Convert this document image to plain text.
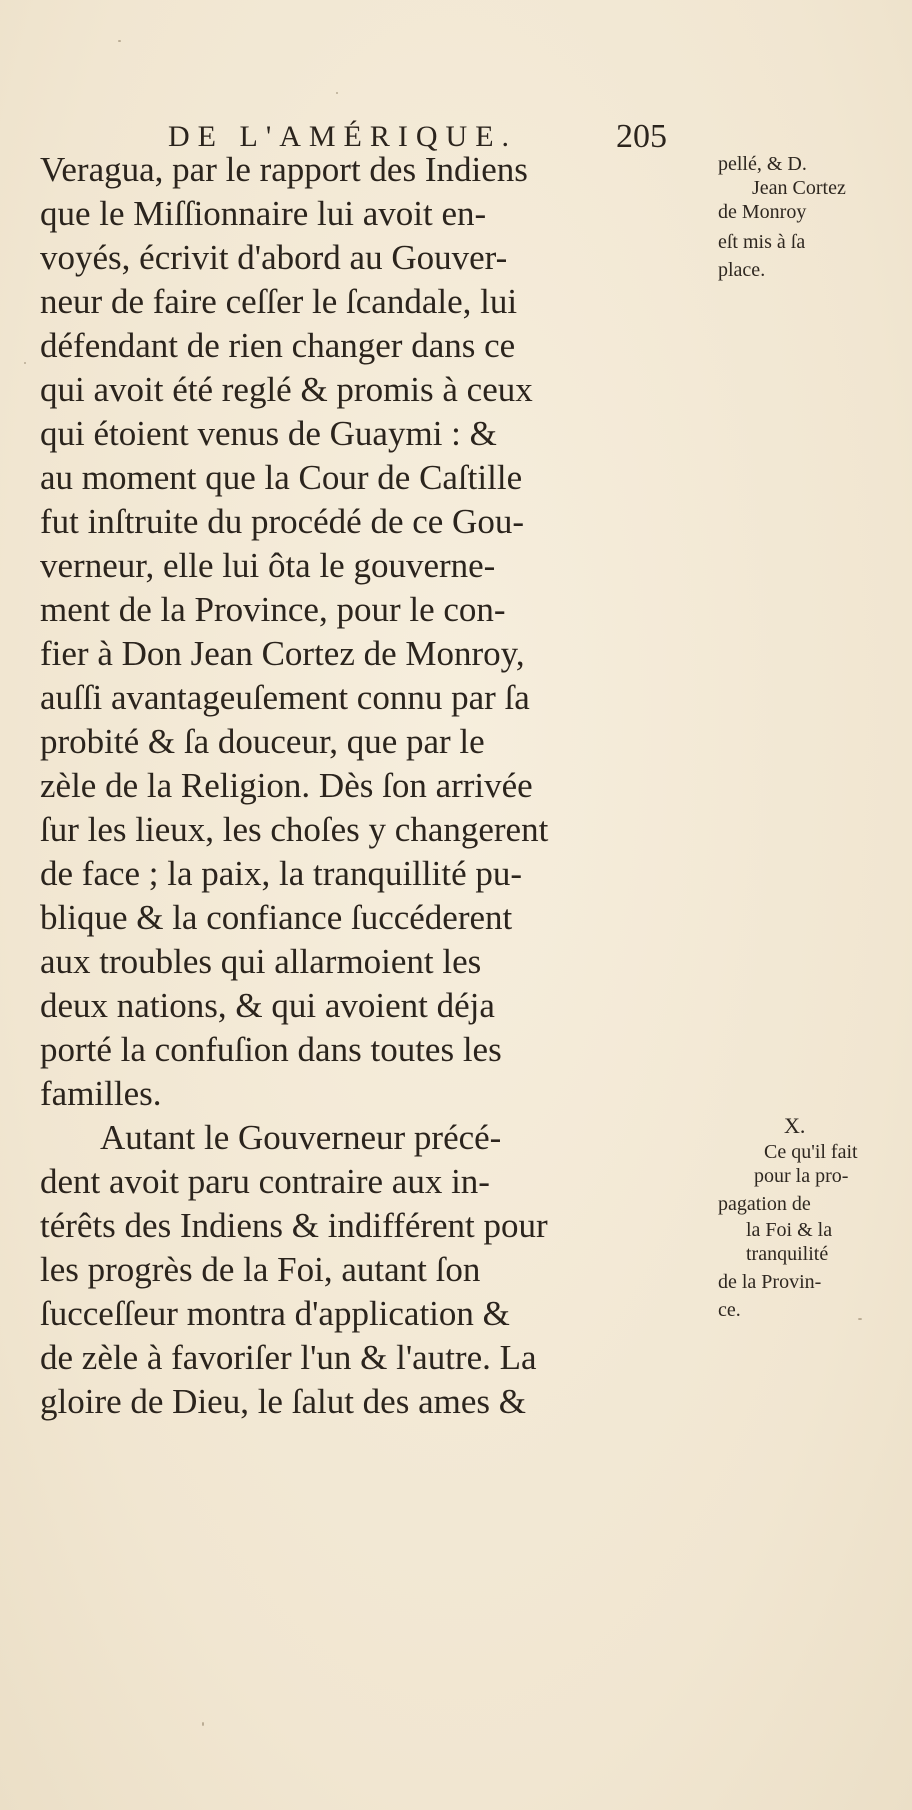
DE L'AMÉRIQUE.	205
Veragua, par le rapport des Indiens
que le Miſſionnaire lui avoit en-
voyés, écrivit d'abord au Gouver-
neur de faire ceſſer le ſcandale, lui
défendant de rien changer dans ce
qui avoit été reglé & promis à ceux
qui étoient venus de Guaymi : &
au moment que la Cour de Caſtille
fut inſtruite du procédé de ce Gou-
verneur, elle lui ôta le gouverne-
ment de la Province, pour le con-
fier à Don Jean Cortez de Monroy,
auſſi avantageuſement connu par ſa
probité & ſa douceur, que par le
zèle de la Religion. Dès ſon arrivée
ſur les lieux, les choſes y changerent
de face ; la paix, la tranquillité pu-
blique & la confiance ſuccéderent
aux troubles qui allarmoient les
deux nations, & qui avoient déja
porté la confuſion dans toutes les
familles.
Autant le Gouverneur précé-
dent avoit paru contraire aux in-
térêts des Indiens & indifférent pour
les progrès de la Foi, autant ſon
ſucceſſeur montra d'application &
de zèle à favoriſer l'un & l'autre. La
gloire de Dieu, le ſalut des ames &
pellé, & D.
Jean Cortez
de Monroy
eſt mis à ſa
place.
X.
Ce qu'il fait
pour la pro-
pagation de
la Foi & la
tranquilité
de la Provin-
ce.
